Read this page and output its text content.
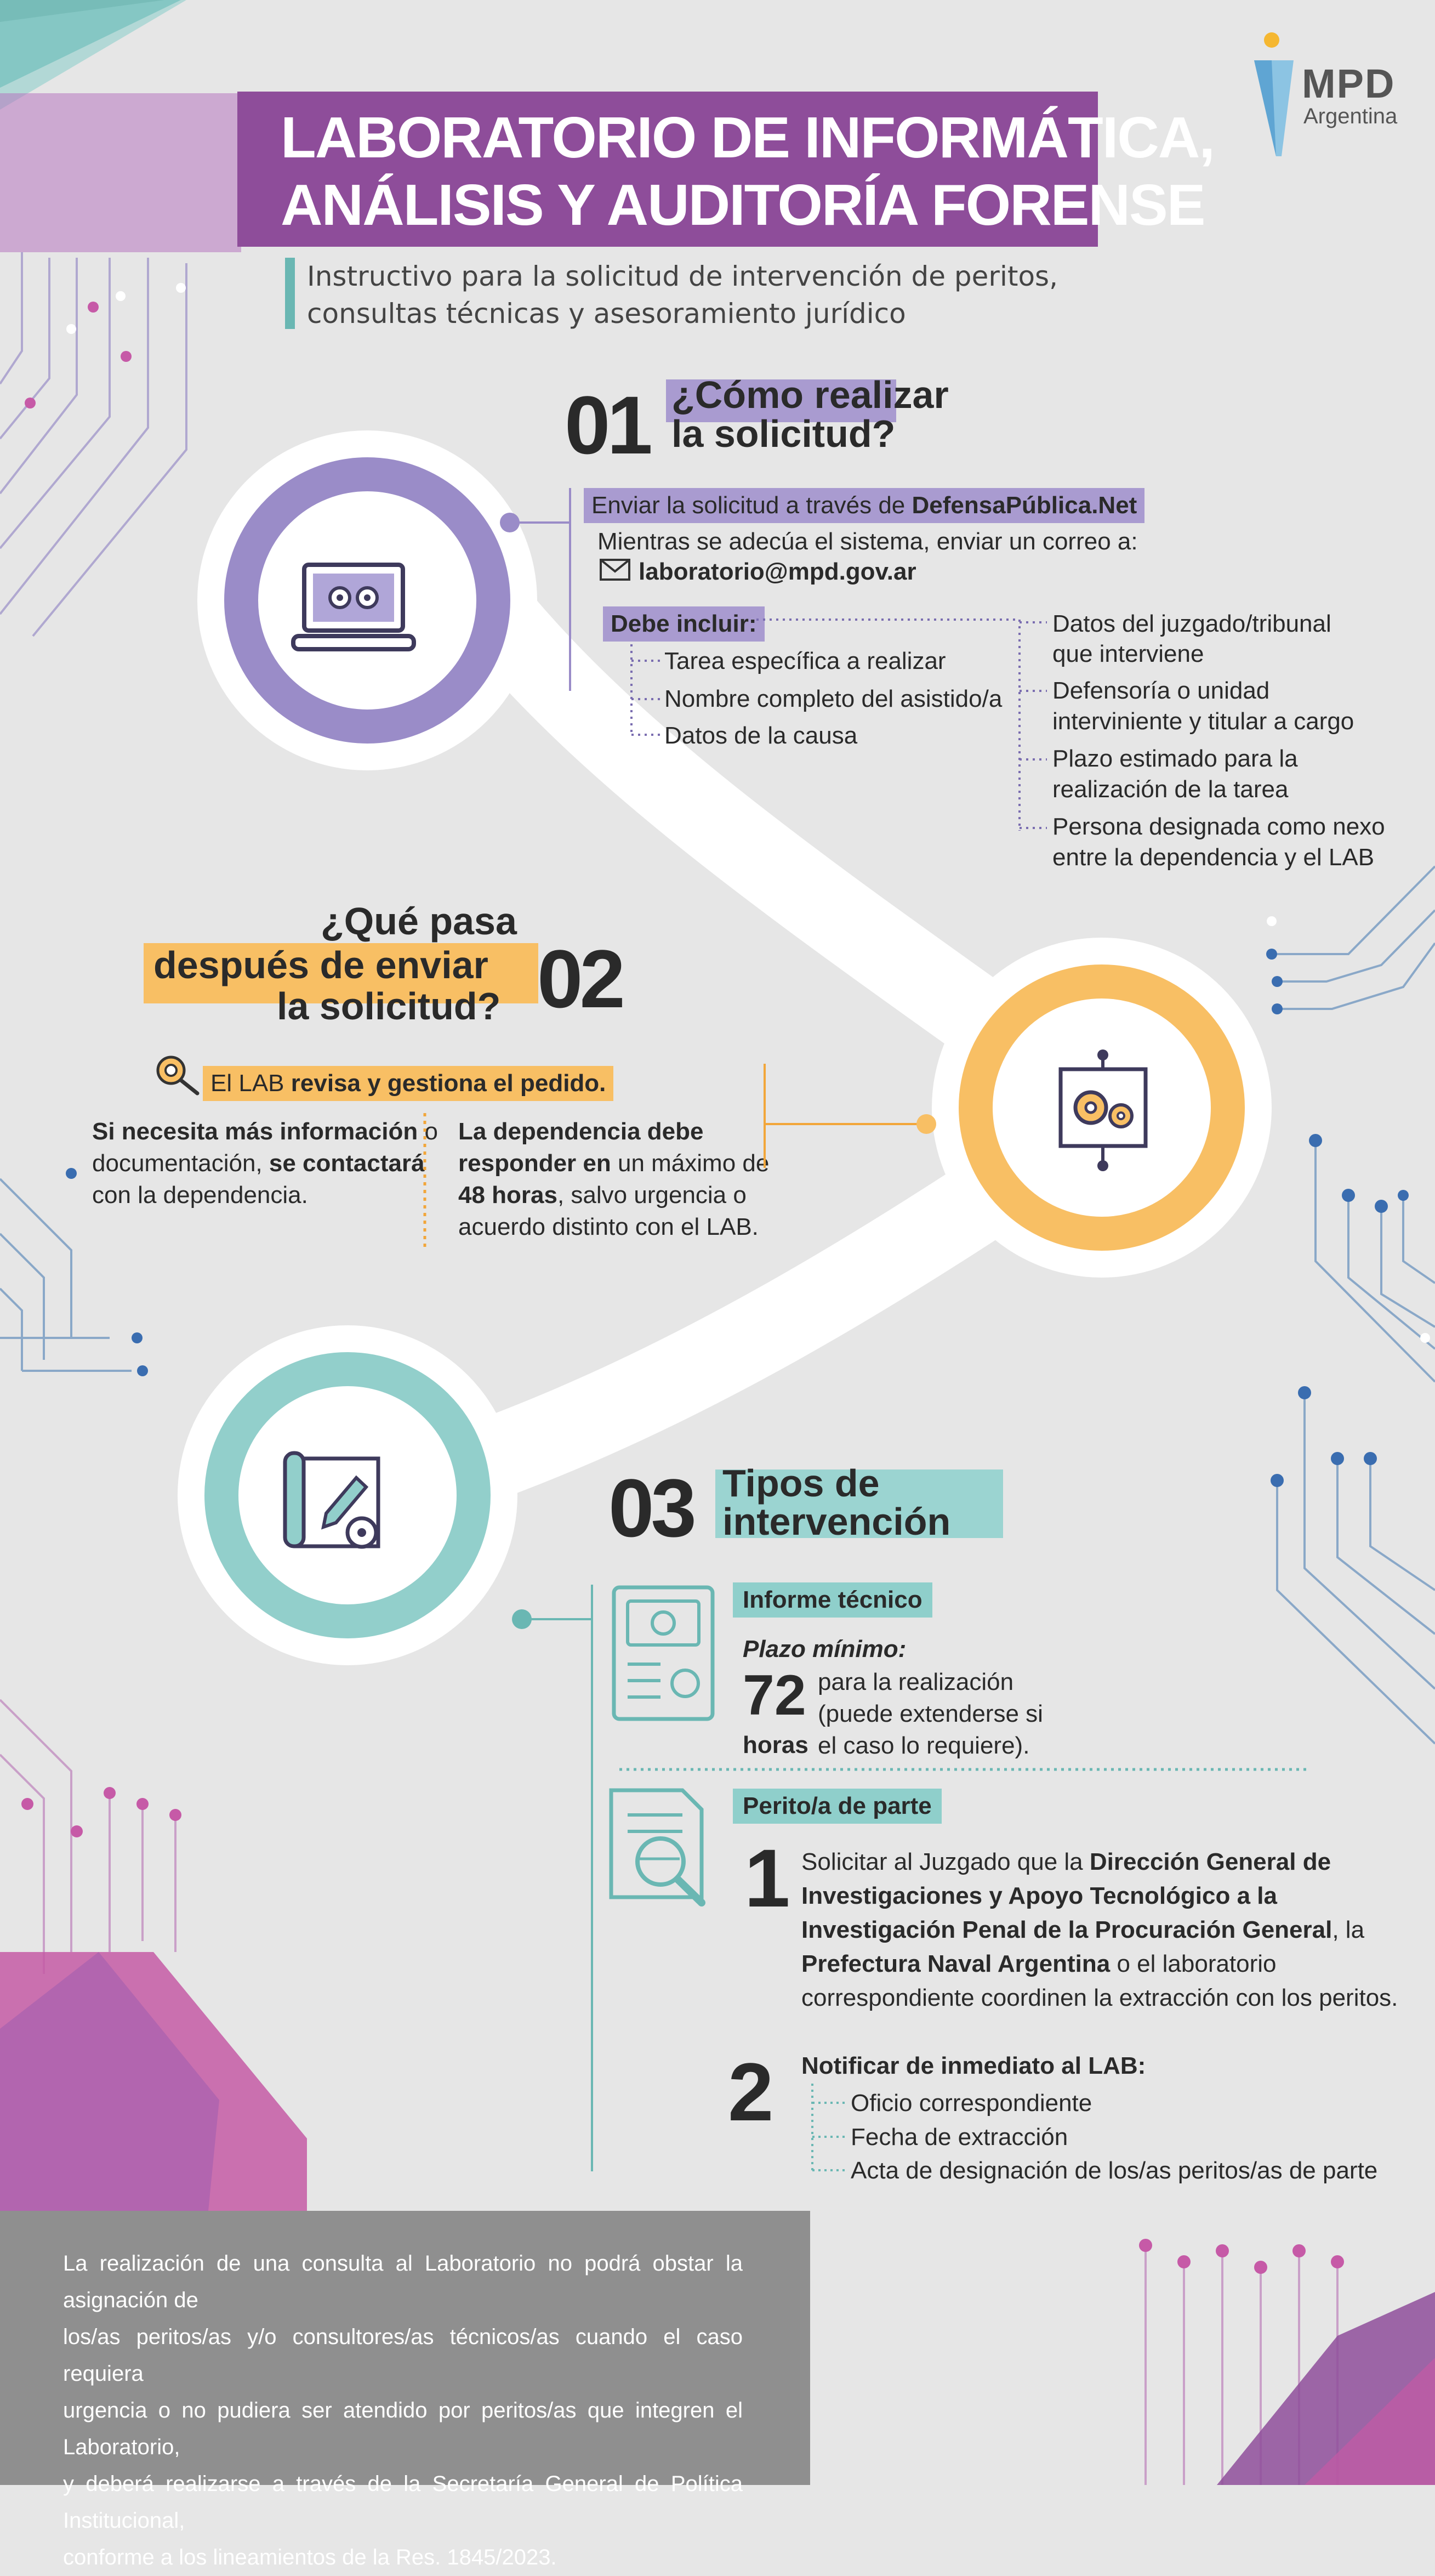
LABORATORIO DE INFORMÁTICA,
ANÁLISIS Y AUDITORÍA FORENSE
Instructivo para la solicitud de intervención de peritos,
consultas técnicas y asesoramiento jurídico
MPD
Argentina
01 ¿Cómo realizar
la solicitud?
Enviar la solicitud a través de DefensaPública.Net
Mientras se adecúa el sistema, enviar un correo a:
laboratorio@mpd.gov.ar
Debe incluir:
Tarea específica a realizar
Nombre completo del asistido/a
Datos de la causa
Datos del juzgado/tribunal
que interviene
Defensoría o unidad
interviniente y titular a cargo
Plazo estimado para la
realización de la tarea
Persona designada como nexo
entre la dependencia y el LAB
¿Qué pasa
después de enviar
la solicitud? 02
El LAB revisa y gestiona el pedido.
Si necesita más información o
documentación, se contactará
con la dependencia.
La dependencia debe
responder en un máximo de
48 horas, salvo urgencia o
acuerdo distinto con el LAB.
03 Tipos de
intervención
Informe técnico
Plazo mínimo:
72
horas
para la realización
(puede extenderse si
el caso lo requiere).
Perito/a de parte
1 Solicitar al Juzgado que la Dirección General de
Investigaciones y Apoyo Tecnológico a la
Investigación Penal de la Procuración General, la
Prefectura Naval Argentina o el laboratorio
correspondiente coordinen la extracción con los peritos.
2 Notificar de inmediato al LAB:
Oficio correspondiente
Fecha de extracción
Acta de designación de los/as peritos/as de parte
La realización de una consulta al Laboratorio no podrá obstar la asignación de
los/as peritos/as y/o consultores/as técnicos/as cuando el caso requiera
urgencia o no pudiera ser atendido por peritos/as que integren el Laboratorio,
y deberá realizarse a través de la Secretaría General de Política Institucional,
conforme a los lineamientos de la Res. 1845/2023.
